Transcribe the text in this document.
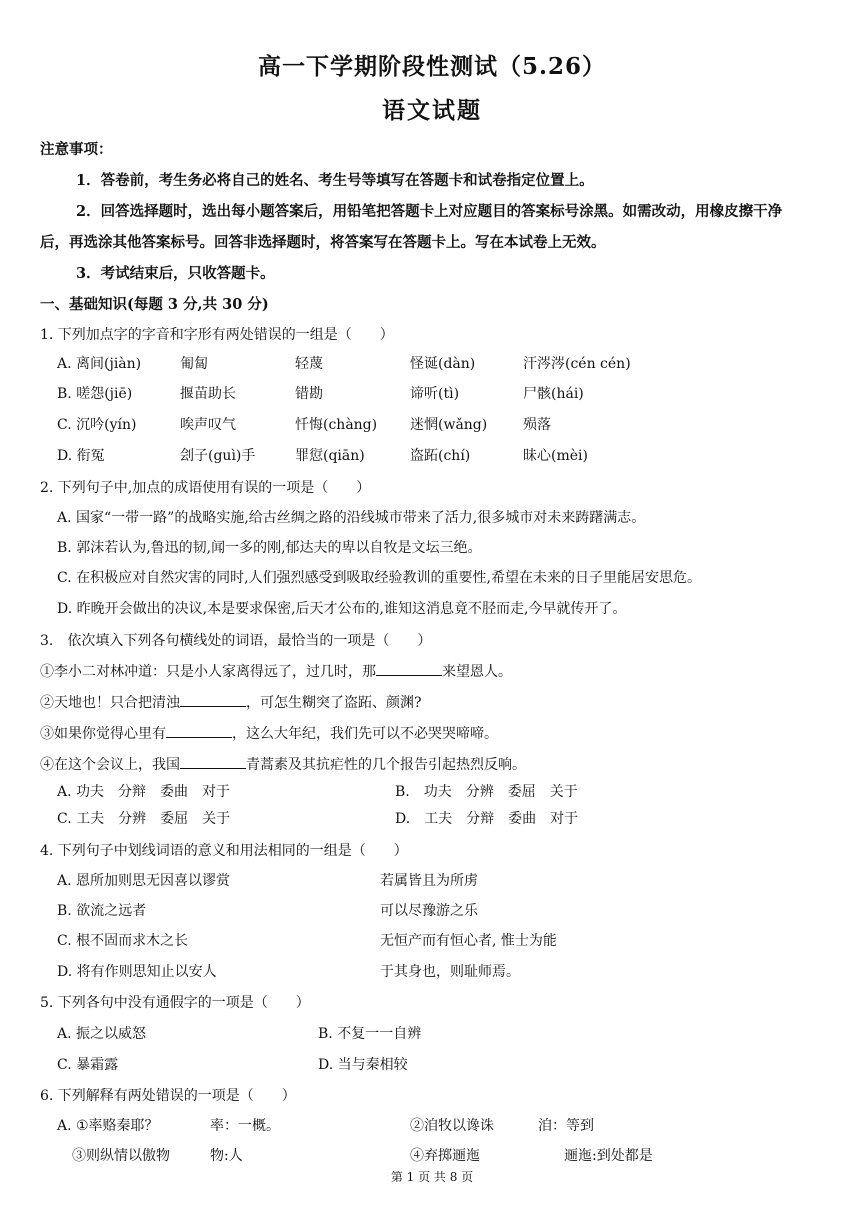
高一下学期阶段性测试（5.26）
语文试题
注意事项：
1．答卷前，考生务必将自己的姓名、考生号等填写在答题卡和试卷指定位置上。
2．回答选择题时，选出每小题答案后，用铅笔把答题卡上对应题目的答案标号涂黑。如需改动，用橡皮擦干净
后，再选涂其他答案标号。回答非选择题时，将答案写在答题卡上。写在本试卷上无效。
3．考试结束后，只收答题卡。
一、基础知识(每题 3 分,共 30 分)
1. 下列加点字的字音和字形有两处错误的一组是（　　）
A. 离间(jiàn)	匍匐	轻蔑	怪诞(dàn)	汗涔涔(cén cén)
B. 嗟怨(jiē)	揠苗助长	错勘	谛听(tì)	尸骸(hái)
C. 沉吟(yín)	唉声叹气	忏悔(chàng) 迷惘(wǎng)	殒落
D. 衔冤	刽子(guì)手	罪愆(qiān)	盗跖(chí)	昧心(mèi)
2. 下列句子中,加点的成语使用有误的一项是（　　）
A. 国家“一带一路”的战略实施,给古丝绸之路的沿线城市带来了活力,很多城市对未来踌躇满志。
B. 郭沫若认为,鲁迅的韧,闻一多的刚,郁达夫的卑以自牧是文坛三绝。
C. 在积极应对自然灾害的同时,人们强烈感受到吸取经验教训的重要性,希望在未来的日子里能居安思危。
D. 昨晚开会做出的决议,本是要求保密,后天才公布的,谁知这消息竟不胫而走,今早就传开了。
3.　依次填入下列各句横线处的词语，最恰当的一项是（　　）
①李小二对林冲道：只是小人家离得远了，过几时，那	来望恩人。
②天地也！只合把清浊	，可怎生糊突了盗跖、颜渊?
③如果你觉得心里有	，这么大年纪，我们先可以不必哭哭啼啼。
④在这个会议上，我国	青蒿素及其抗疟性的几个报告引起热烈反响。
A. 功夫　分辩　委曲　对于	B.　功夫　分辨　委屈　关于
C. 工夫　分辨　委屈　关于	D.　工夫　分辩　委曲　对于
4. 下列句子中划线词语的意义和用法相同的一组是（　　）
A. 恩所加则思无因喜以谬赏	若属皆且为所虏
B. 欲流之远者	可以尽豫游之乐
C. 根不固而求木之长	无恒产而有恒心者, 惟士为能
D. 将有作则思知止以安人	于其身也，则耻师焉。
5. 下列各句中没有通假字的一项是（　　）
A. 振之以威怒	B. 不复一一自辨
C. 暴霜露	D. 当与秦相较
6. 下列解释有两处错误的一项是（　　）
A. ①率赂秦耶？	率：一概。	②洎牧以谗诛	洎：等到
③则纵情以傲物	物:人	④弃掷逦迤	逦迤:到处都是
第 1 页 共 8 页
